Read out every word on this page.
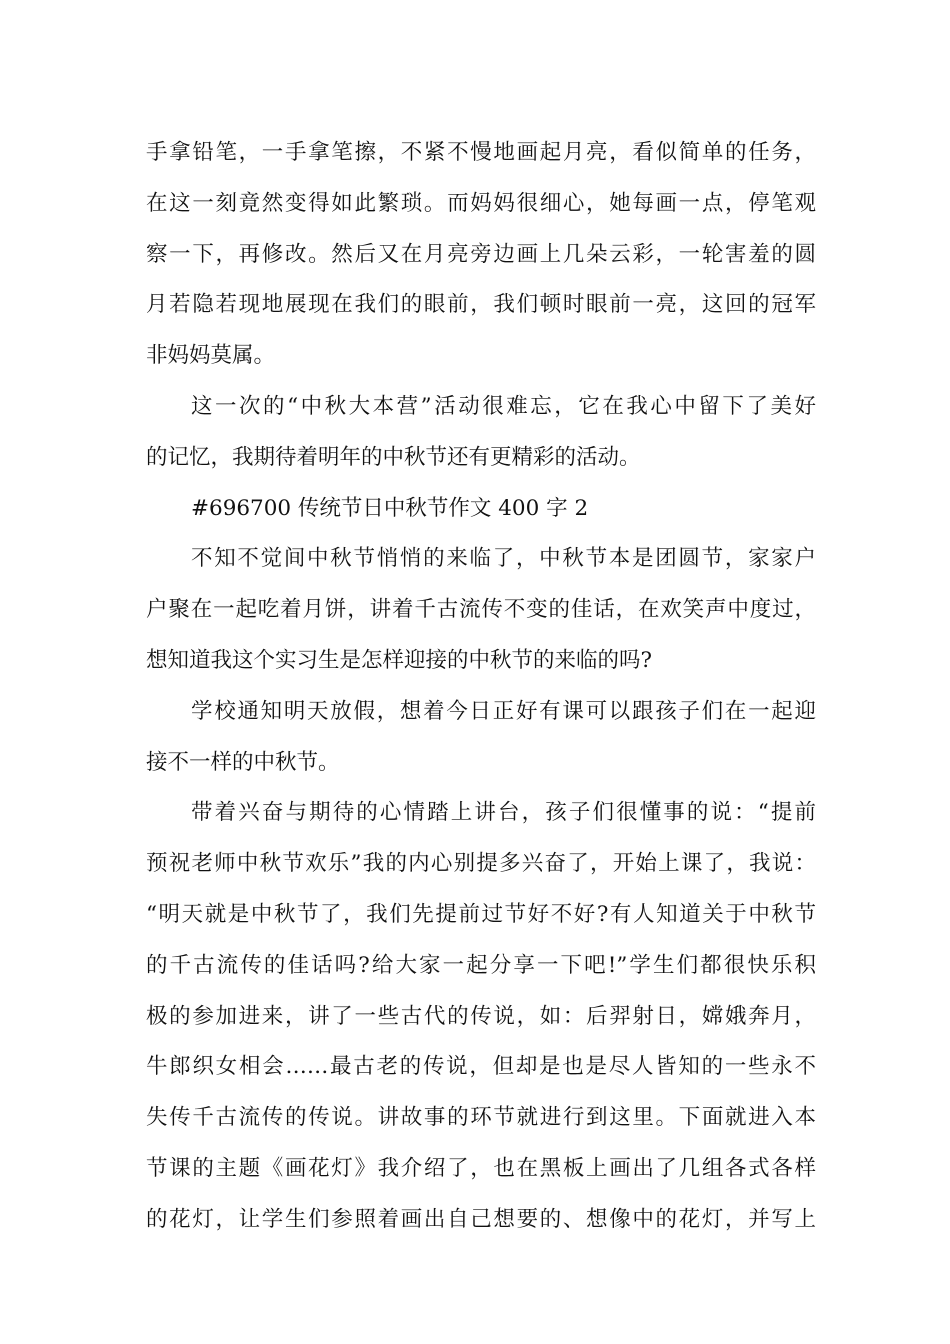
手拿铅笔，一手拿笔擦，不紧不慢地画起月亮，看似简单的任务，
在这一刻竟然变得如此繁琐。而妈妈很细心，她每画一点，停笔观
察一下，再修改。然后又在月亮旁边画上几朵云彩，一轮害羞的圆
月若隐若现地展现在我们的眼前，我们顿时眼前一亮，这回的冠军
非妈妈莫属。
这一次的“中秋大本营”活动很难忘，它在我心中留下了美好
的记忆，我期待着明年的中秋节还有更精彩的活动。
#696700 传统节日中秋节作文 400 字 2
不知不觉间中秋节悄悄的来临了，中秋节本是团圆节，家家户
户聚在一起吃着月饼，讲着千古流传不变的佳话，在欢笑声中度过，
想知道我这个实习生是怎样迎接的中秋节的来临的吗?
学校通知明天放假，想着今日正好有课可以跟孩子们在一起迎
接不一样的中秋节。
带着兴奋与期待的心情踏上讲台，孩子们很懂事的说：“提前
预祝老师中秋节欢乐”我的内心别提多兴奋了，开始上课了，我说：
“明天就是中秋节了，我们先提前过节好不好?有人知道关于中秋节
的千古流传的佳话吗?给大家一起分享一下吧!”学生们都很快乐积
极的参加进来，讲了一些古代的传说，如：后羿射日，嫦娥奔月，
牛郎织女相会……最古老的传说，但却是也是尽人皆知的一些永不
失传千古流传的传说。讲故事的环节就进行到这里。下面就进入本
节课的主题《画花灯》我介绍了，也在黑板上画出了几组各式各样
的花灯，让学生们参照着画出自己想要的、想像中的花灯，并写上
